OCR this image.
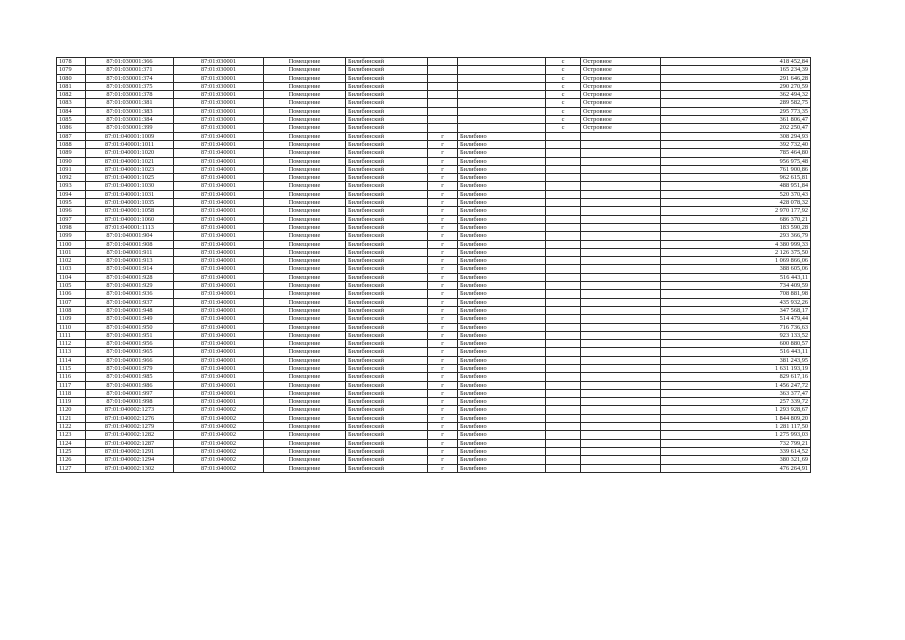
1078	87:01:030001:366	87:01:030001	Помещение	Билибинский			с	Островное	418 452,84
1079	87:01:030001:371	87:01:030001	Помещение	Билибинский			с	Островное	165 234,39
1080	87:01:030001:374	87:01:030001	Помещение	Билибинский			с	Островное	291 646,28
1081	87:01:030001:375	87:01:030001	Помещение	Билибинский			с	Островное	290 270,59
1082	87:01:030001:378	87:01:030001	Помещение	Билибинский			с	Островное	362 494,32
1083	87:01:030001:381	87:01:030001	Помещение	Билибинский			с	Островное	289 582,75
1084	87:01:030001:383	87:01:030001	Помещение	Билибинский			с	Островное	295 773,35
1085	87:01:030001:384	87:01:030001	Помещение	Билибинский			с	Островное	361 806,47
1086	87:01:030001:399	87:01:030001	Помещение	Билибинский			с	Островное	202 250,47
1087	87:01:040001:1009	87:01:040001	Помещение	Билибинский	г	Билибино			308 294,93
1088	87:01:040001:1011	87:01:040001	Помещение	Билибинский	г	Билибино			392 732,40
1089	87:01:040001:1020	87:01:040001	Помещение	Билибинский	г	Билибино			785 464,80
1090	87:01:040001:1021	87:01:040001	Помещение	Билибинский	г	Билибино			956 975,48
1091	87:01:040001:1023	87:01:040001	Помещение	Билибинский	г	Билибино			761 900,86
1092	87:01:040001:1025	87:01:040001	Помещение	Билибинский	г	Билибино			962 615,81
1093	87:01:040001:1030	87:01:040001	Помещение	Билибинский	г	Билибино			488 951,84
1094	87:01:040001:1031	87:01:040001	Помещение	Билибинский	г	Билибино			520 370,43
1095	87:01:040001:1035	87:01:040001	Помещение	Билибинский	г	Билибино			428 078,32
1096	87:01:040001:1058	87:01:040001	Помещение	Билибинский	г	Билибино			2 970 177,92
1097	87:01:040001:1060	87:01:040001	Помещение	Билибинский	г	Билибино			686 370,21
1098	87:01:040001:1113	87:01:040001	Помещение	Билибинский	г	Билибино			183 590,28
1099	87:01:040001:904	87:01:040001	Помещение	Билибинский	г	Билибино			293 366,79
1100	87:01:040001:908	87:01:040001	Помещение	Билибинский	г	Билибино			4 380 999,33
1101	87:01:040001:911	87:01:040001	Помещение	Билибинский	г	Билибино			2 126 375,50
1102	87:01:040001:913	87:01:040001	Помещение	Билибинский	г	Билибино			1 069 866,06
1103	87:01:040001:914	87:01:040001	Помещение	Билибинский	г	Билибино			388 605,06
1104	87:01:040001:928	87:01:040001	Помещение	Билибинский	г	Билибино			516 443,11
1105	87:01:040001:929	87:01:040001	Помещение	Билибинский	г	Билибино			734 409,59
1106	87:01:040001:936	87:01:040001	Помещение	Билибинский	г	Билибино			708 881,98
1107	87:01:040001:937	87:01:040001	Помещение	Билибинский	г	Билибино			435 932,26
1108	87:01:040001:948	87:01:040001	Помещение	Билибинский	г	Билибино			347 568,17
1109	87:01:040001:949	87:01:040001	Помещение	Билибинский	г	Билибино			514 479,44
1110	87:01:040001:950	87:01:040001	Помещение	Билибинский	г	Билибино			716 736,63
1111	87:01:040001:951	87:01:040001	Помещение	Билибинский	г	Билибино			923 133,52
1112	87:01:040001:956	87:01:040001	Помещение	Билибинский	г	Билибино			600 880,57
1113	87:01:040001:965	87:01:040001	Помещение	Билибинский	г	Билибино			516 443,11
1114	87:01:040001:966	87:01:040001	Помещение	Билибинский	г	Билибино			381 243,95
1115	87:01:040001:979	87:01:040001	Помещение	Билибинский	г	Билибино			1 631 193,19
1116	87:01:040001:985	87:01:040001	Помещение	Билибинский	г	Билибино			829 617,16
1117	87:01:040001:986	87:01:040001	Помещение	Билибинский	г	Билибино			1 456 247,72
1118	87:01:040001:997	87:01:040001	Помещение	Билибинский	г	Билибино			363 377,47
1119	87:01:040001:998	87:01:040001	Помещение	Билибинский	г	Билибино			257 339,72
1120	87:01:040002:1273	87:01:040002	Помещение	Билибинский	г	Билибино			1 293 928,67
1121	87:01:040002:1276	87:01:040002	Помещение	Билибинский	г	Билибино			1 844 809,20
1122	87:01:040002:1279	87:01:040002	Помещение	Билибинский	г	Билибино			1 281 117,50
1123	87:01:040002:1282	87:01:040002	Помещение	Билибинский	г	Билибино			1 275 993,03
1124	87:01:040002:1287	87:01:040002	Помещение	Билибинский	г	Билибино			732 799,21
1125	87:01:040002:1291	87:01:040002	Помещение	Билибинский	г	Билибино			339 614,52
1126	87:01:040002:1294	87:01:040002	Помещение	Билибинский	г	Билибино			380 321,69
1127	87:01:040002:1302	87:01:040002	Помещение	Билибинский	г	Билибино			476 264,91
